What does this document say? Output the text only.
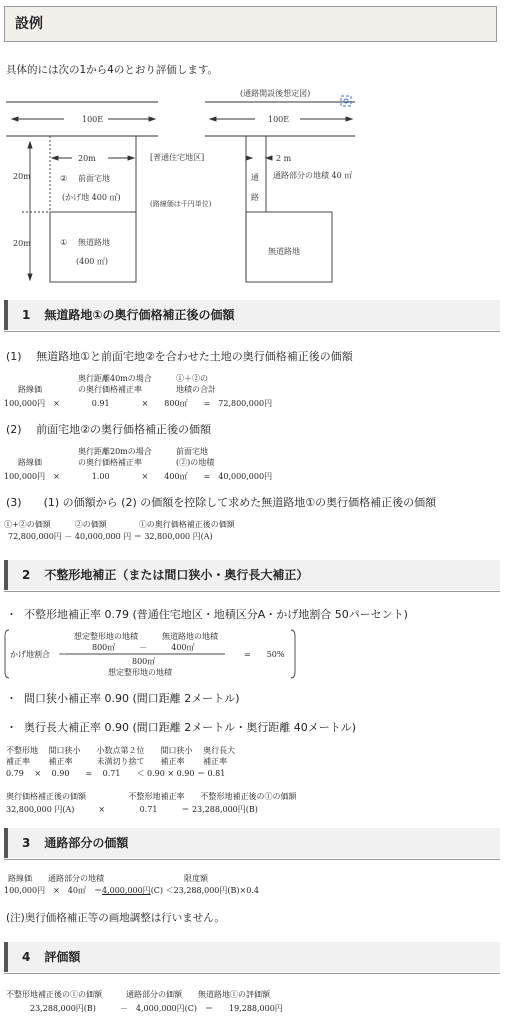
設例
具体的には次の1から4のとおり評価します。
100E
20m
20m
20m
② 前面宅地
(かげ地 400 ㎡)
① 無道路地
(400 ㎡)
[普通住宅地区]
(路線価は千円単位)
(通路開設後想定図)
100E
2 m
通
路
通路部分の地積 40 ㎡
無道路地
1 無道路地①の奥行価格補正後の価額
(1)　 無道路地①と前面宅地②を合わせた土地の奥行価格補正後の価額
路線価
奥行距離40mの場合
の奥行価格補正率
①＋②の
地積の合計
100,000円　×　　　　0.91　　　　×　　800㎡　　=　72,800,000円
(2)　 前面宅地②の奥行価格補正後の価額
路線価
奥行距離20mの場合
の奥行価格補正率
前面宅地
(②)の地積
100,000円　×　　　　1.00　　　　×　　400㎡　　=　40,000,000円
(3)　　(1) の価額から (2) の価額を控除して求めた無道路地①の奥行価格補正後の価額
①+②の価額　　　②の価額　　　　①の奥行価格補正後の価額
72,800,000円 － 40,000,000 円 ＝ 32,800,000 円(A)
2 不整形地補正（または間口狭小・奥行長大補正）
・ 不整形地補正率 0.79 (普通住宅地区・地積区分A・かげ地割合 50パーセント)
かげ地割合　＝
想定整形地の地積　　　無道路地の地積
800㎡　　　－　　　400㎡
800㎡
想定整形地の地積
=　　50%
・ 間口狭小補正率 0.90 (間口距離 2メートル)
・ 奥行長大補正率 0.90 (間口距離 2メートル・奥行距離 40メートル)
不整形地　 間口狭小　　小数点第２位　　間口狭小　 奥行長大
補正率　　 補正率　　　未満切り捨て　　補正率　　 補正率
0.79　 ×　 0.90　　=　 0.71　　＜ 0.90 × 0.90 ＝ 0.81
奥行価格補正後の価額　　　　　 不整形地補正率　　不整形地補正後の①の価額
32,800,000 円(A)　　　×　　　　 0.71　　　＝ 23,288,000円(B)
3 通路部分の価額
路線価　　通路部分の地積　　　　　　　　　　限度額
100,000円　×　40㎡　＝4,000,000円(C) ＜23,288,000円(B)×0.4
(注)奥行価格補正等の画地調整は行いません。
4 評価額
不整形地補正後の①の価額　　　通路部分の価額　　無道路地①の評価額
23,288,000円(B)　　　－　4,000,000円(C)　＝　　19,288,000円
